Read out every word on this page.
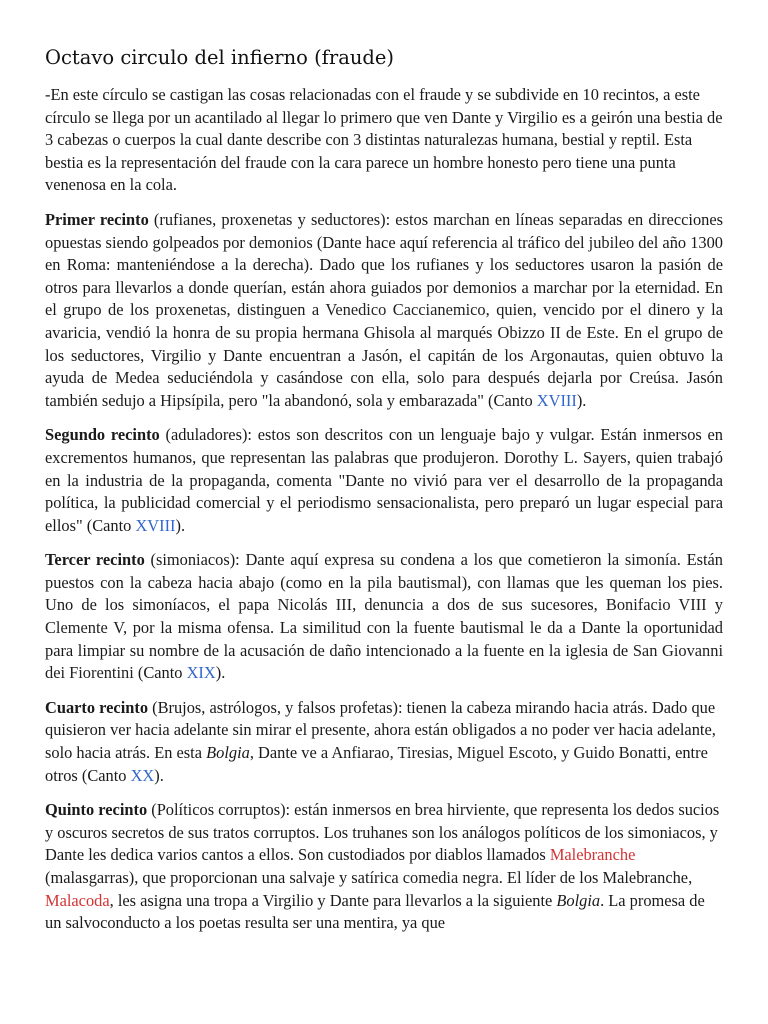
Octavo circulo del infierno (fraude)

-En este círculo se castigan las cosas relacionadas con el fraude y se subdivide en 10 recintos, a este círculo se llega por un acantilado al llegar lo primero que ven Dante y Virgilio es a geirón una bestia de 3 cabezas o cuerpos la cual dante describe con 3 distintas naturalezas humana, bestial y reptil. Esta bestia es la representación del fraude con la cara parece un hombre honesto pero tiene una punta venenosa en la cola.

Primer recinto (rufianes, proxenetas y seductores): estos marchan en líneas separadas en direcciones opuestas siendo golpeados por demonios (Dante hace aquí referencia al tráfico del jubileo del año 1300 en Roma: manteniéndose a la derecha). Dado que los rufianes y los seductores usaron la pasión de otros para llevarlos a donde querían, están ahora guiados por demonios a marchar por la eternidad. En el grupo de los proxenetas, distinguen a Venedico Caccianemico, quien, vencido por el dinero y la avaricia, vendió la honra de su propia hermana Ghisola al marqués Obizzo II de Este. En el grupo de los seductores, Virgilio y Dante encuentran a Jasón, el capitán de los Argonautas, quien obtuvo la ayuda de Medea seduciéndola y casándose con ella, solo para después dejarla por Creúsa. Jasón también sedujo a Hipsípila, pero "la abandonó, sola y embarazada" (Canto XVIII).

Segundo recinto (aduladores): estos son descritos con un lenguaje bajo y vulgar. Están inmersos en excrementos humanos, que representan las palabras que produjeron. Dorothy L. Sayers, quien trabajó en la industria de la propaganda, comenta "Dante no vivió para ver el desarrollo de la propaganda política, la publicidad comercial y el periodismo sensacionalista, pero preparó un lugar especial para ellos" (Canto XVIII).

Tercer recinto (simoniacos): Dante aquí expresa su condena a los que cometieron la simonía. Están puestos con la cabeza hacia abajo (como en la pila bautismal), con llamas que les queman los pies. Uno de los simoníacos, el papa Nicolás III, denuncia a dos de sus sucesores, Bonifacio VIII y Clemente V, por la misma ofensa. La similitud con la fuente bautismal le da a Dante la oportunidad para limpiar su nombre de la acusación de daño intencionado a la fuente en la iglesia de San Giovanni dei Fiorentini (Canto XIX).

Cuarto recinto (Brujos, astrólogos, y falsos profetas): tienen la cabeza mirando hacia atrás. Dado que quisieron ver hacia adelante sin mirar el presente, ahora están obligados a no poder ver hacia adelante, solo hacia atrás. En esta Bolgia, Dante ve a Anfiarao, Tiresias, Miguel Escoto, y Guido Bonatti, entre otros (Canto XX).

Quinto recinto (Políticos corruptos): están inmersos en brea hirviente, que representa los dedos sucios y oscuros secretos de sus tratos corruptos. Los truhanes son los análogos políticos de los simoniacos, y Dante les dedica varios cantos a ellos. Son custodiados por diablos llamados Malebranche (malasgarras), que proporcionan una salvaje y satírica comedia negra. El líder de los Malebranche, Malacoda, les asigna una tropa a Virgilio y Dante para llevarlos a la siguiente Bolgia. La promesa de un salvoconducto a los poetas resulta ser una mentira, ya que
